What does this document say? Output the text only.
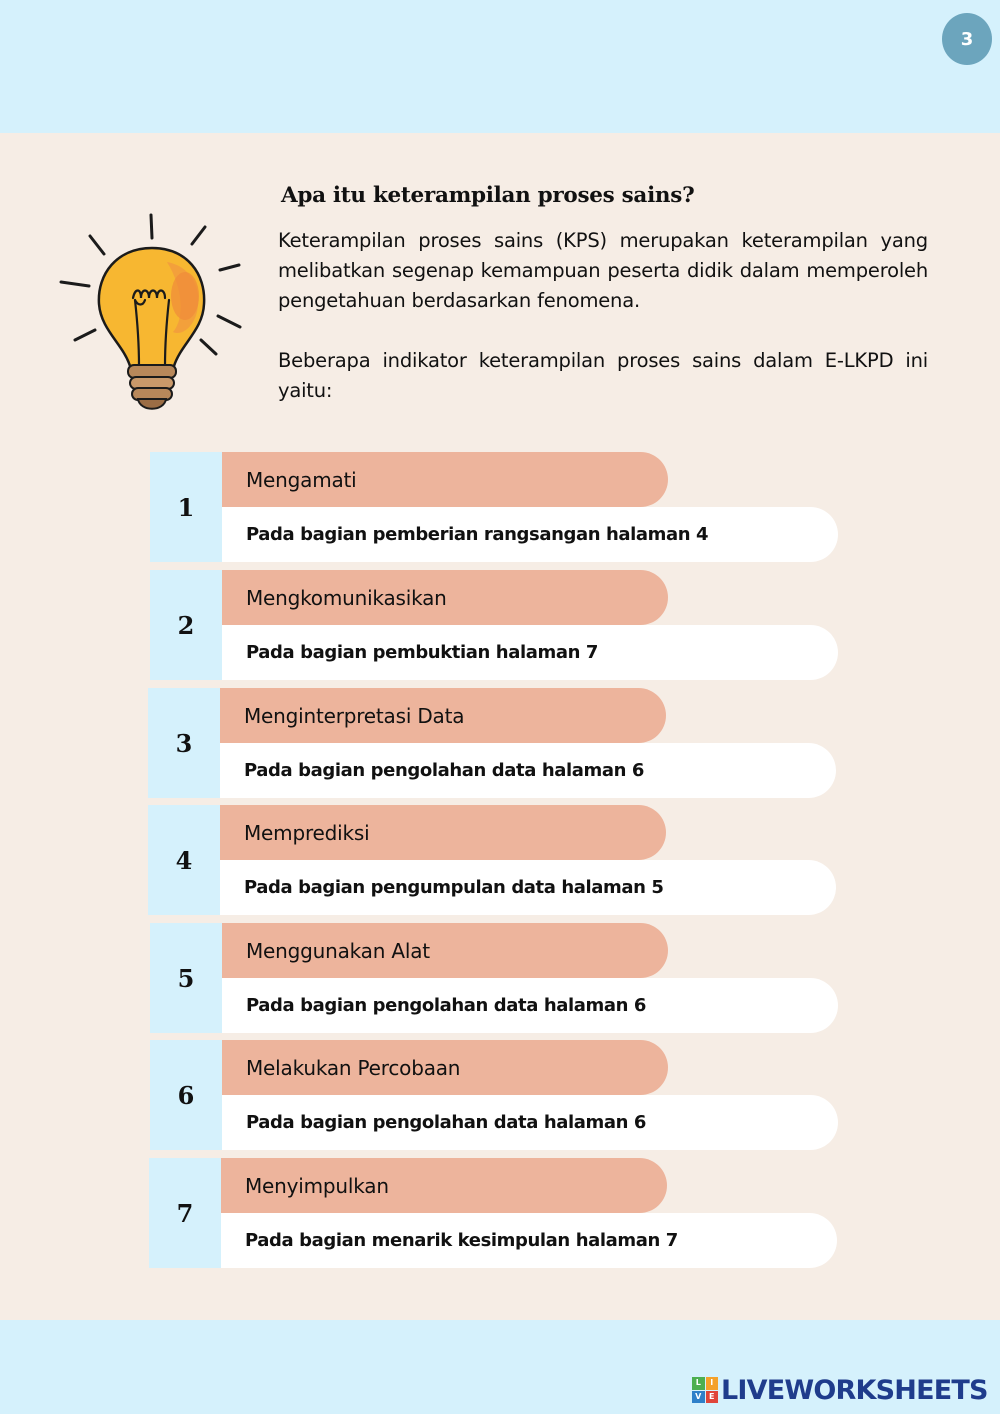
3
Apa itu keterampilan proses sains?

Keterampilan proses sains (KPS) merupakan keterampilan yang melibatkan segenap kemampuan peserta didik dalam memperoleh pengetahuan berdasarkan fenomena.

Beberapa indikator keterampilan proses sains dalam E-LKPD ini yaitu:

1
Pada bagian pemberian rangsangan halaman 4
Mengamati
2
Pada bagian pembuktian halaman 7
Mengkomunikasikan
3
Pada bagian pengolahan data halaman 6
Menginterpretasi Data
4
Pada bagian pengumpulan data halaman 5
Memprediksi
5
Pada bagian pengolahan data halaman 6
Menggunakan Alat
6
Pada bagian pengolahan data halaman 6
Melakukan Percobaan
7
Pada bagian menarik kesimpulan halaman 7
Menyimpulkan
L	I
V E LIVEWORKSHEETS
